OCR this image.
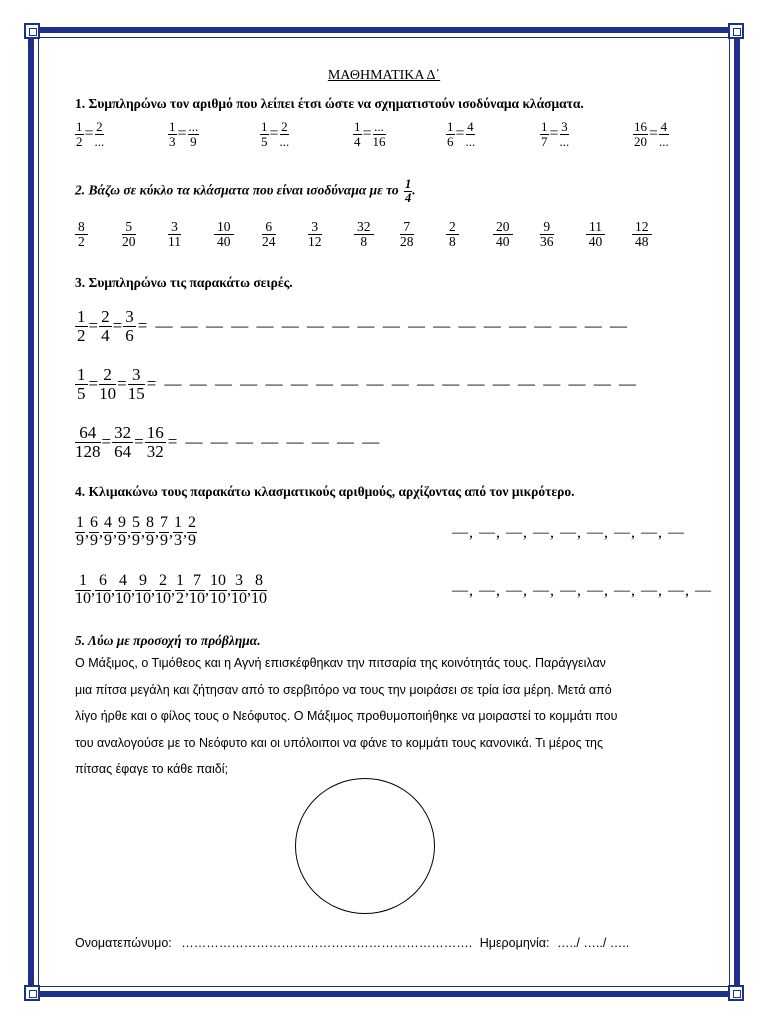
ΜΑΘΗΜΑΤΙΚΑ Δ΄
1. Συμπληρώνω τον αριθμό που λείπει έτσι ώστε να σχηματιστούν ισοδύναμα κλάσματα.
$\frac{1}{2} = \frac{2}{...}$	$\frac{1}{3} = \frac{...}{9}$	$\frac{1}{5} = \frac{2}{...}$	$\frac{1}{4} = \frac{...}{16}$	$\frac{1}{6} = \frac{4}{...}$	$\frac{1}{7} = \frac{3}{...}$	$\frac{16}{20} = \frac{4}{...}$
2. Βάζω σε κύκλο τα κλάσματα που είναι ισοδύναμα με το $\frac{1}{4}$ .
$\frac{8}{2}$	$\frac{5}{20} \frac{3}{11} \frac{10}{40} \frac{6}{24} \frac{3}{12} \frac{32}{8} \frac{7}{28} \frac{2}{8}$	$\frac{20}{40} \frac{9}{36} \frac{11}{40} \frac{12}{48}$
3. Συμπληρώνω τις παρακάτω σειρές.
$\frac{1}{2} = \frac{2}{4} = \frac{3}{6}$ = — — — — — — — — — — — — — — — — — — —
$\frac{1}{5} = \frac{2}{10} = \frac{3}{15}$ = — — — — — — — — — — — — — — — — — — —
$\frac{64}{128} = \frac{32}{64} = \frac{16}{32}$ = — — — — — — — —
4. Κλιμακώνω τους παρακάτω κλασματικούς αριθμούς, αρχίζοντας από τον μικρότερο.
$\frac{1}{9}$ , $\frac{6}{9}$ , $\frac{4}{9}$ , $\frac{9}{9}$ , $\frac{5}{9}$ , $\frac{8}{9}$ , $\frac{7}{9}$ , $\frac{1}{3}$ , $\frac{2}{9}$	—, —, —, —, —, —, —, —, —
$\frac{1}{10}$ , $\frac{6}{10}$ , $\frac{4}{10}$ , $\frac{9}{10}$ , $\frac{2}{10}$ , $\frac{1}{2}$ , $\frac{7}{10}$ , $\frac{10}{10}$ , $\frac{3}{10}$ , $\frac{8}{10}$	—, —, —, —, —, —, —, —, —, —
5. Λύω με προσοχή το πρόβλημα.
Ο Μάξιμος, ο Τιμόθεος και η Αγνή επισκέφθηκαν την πιτσαρία της κοινότητάς τους. Παράγγειλαν
μια πίτσα μεγάλη και ζήτησαν από το σερβιτόρο να τους την μοιράσει σε τρία ίσα μέρη. Μετά από
λίγο ήρθε και ο φίλος τους ο Νεόφυτος. Ο Μάξιμος προθυμοποιήθηκε να μοιραστεί το κομμάτι που
του αναλογούσε με το Νεόφυτο και οι υπόλοιποι να φάνε το κομμάτι τους κανονικά. Τι μέρος της
πίτσας έφαγε το κάθε παιδί;
Ονοματεπώνυμο: ……………………………………………………………. Ημερομηνία: …../ …../ …..
